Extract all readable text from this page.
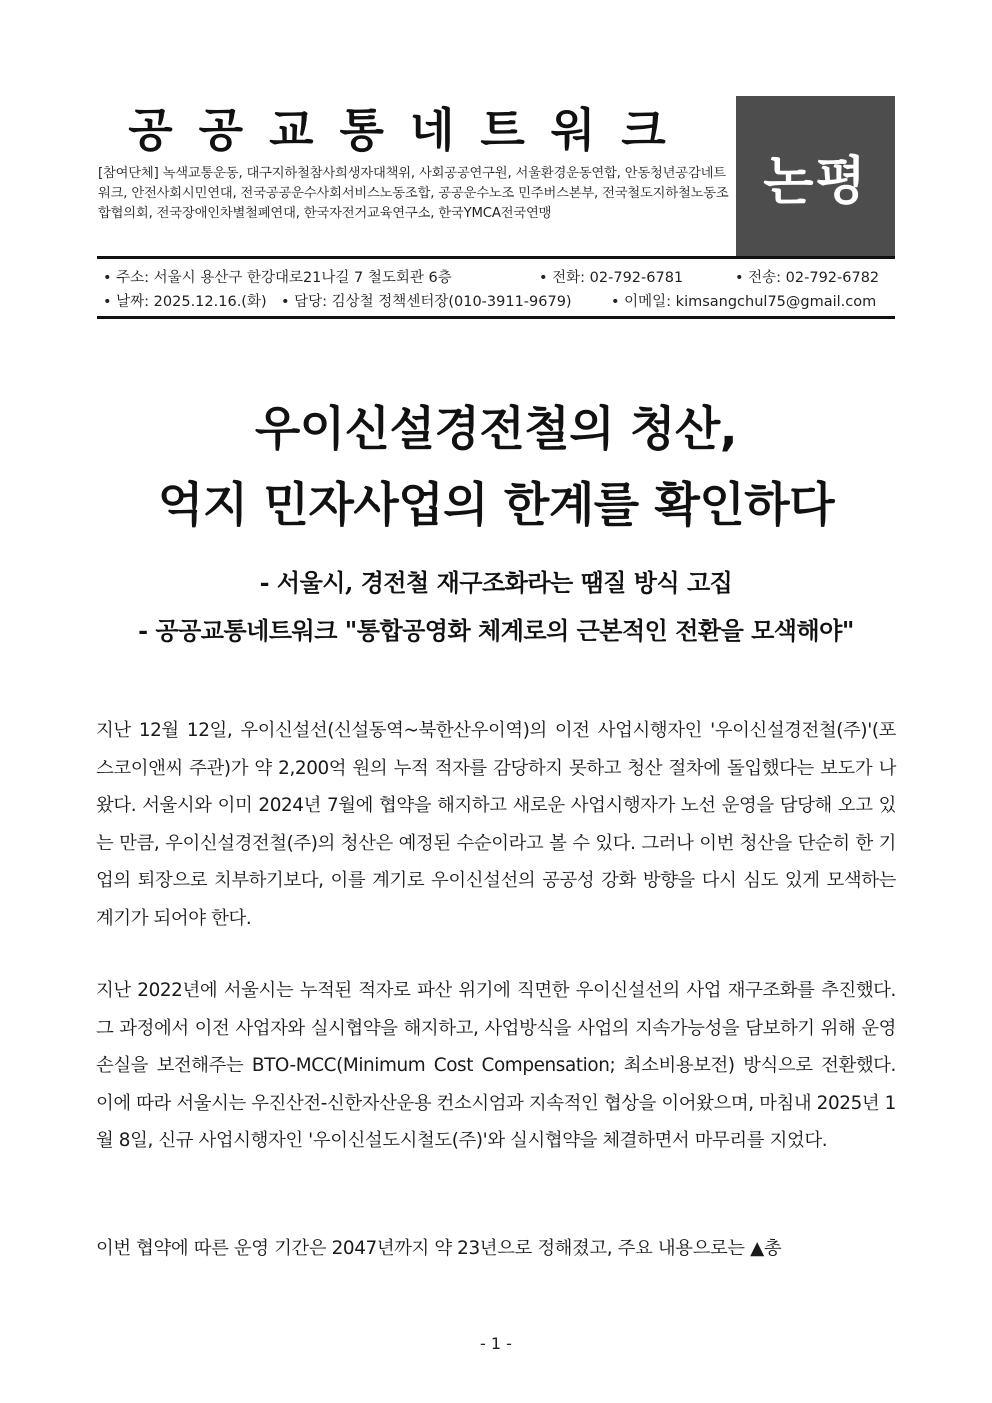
공공교통네트워크
[참여단체] 녹색교통운동, 대구지하철참사희생자대책위, 사회공공연구원, 서울환경운동연합, 안동청년공감네트워크, 안전사회시민연대, 전국공공운수사회서비스노동조합, 공공운수노조 민주버스본부, 전국철도지하철노동조합협의회, 전국장애인차별철폐연대, 한국자전거교육연구소, 한국YMCA전국연맹
논평
• 주소: 서울시 용산구 한강대로21나길 7 철도회관 6층	• 전화: 02-792-6781	• 전송: 02-792-6782
• 날짜: 2025.12.16.(화) • 담당: 김상철 정책센터장(010-3911-9679)	• 이메일: kimsangchul75@gmail.com
우이신설경전철의 청산,
억지 민자사업의 한계를 확인하다
- 서울시, 경전철 재구조화라는 땜질 방식 고집
- 공공교통네트워크 "통합공영화 체계로의 근본적인 전환을 모색해야"
지난 12월 12일, 우이신설선(신설동역~북한산우이역)의 이전 사업시행자인 '우이신설경전철(주)'(포스코이앤씨 주관)가 약 2,200억 원의 누적 적자를 감당하지 못하고 청산 절차에 돌입했다는 보도가 나왔다. 서울시와 이미 2024년 7월에 협약을 해지하고 새로운 사업시행자가 노선 운영을 담당해 오고 있는 만큼, 우이신설경전철(주)의 청산은 예정된 수순이라고 볼 수 있다. 그러나 이번 청산을 단순히 한 기업의 퇴장으로 치부하기보다, 이를 계기로 우이신설선의 공공성 강화 방향을 다시 심도 있게 모색하는 계기가 되어야 한다.
지난 2022년에 서울시는 누적된 적자로 파산 위기에 직면한 우이신설선의 사업 재구조화를 추진했다. 그 과정에서 이전 사업자와 실시협약을 해지하고, 사업방식을 사업의 지속가능성을 담보하기 위해 운영 손실을 보전해주는 BTO-MCC(Minimum Cost Compensation; 최소비용보전) 방식으로 전환했다. 이에 따라 서울시는 우진산전-신한자산운용 컨소시엄과 지속적인 협상을 이어왔으며, 마침내 2025년 1월 8일, 신규 사업시행자인 '우이신설도시철도(주)'와 실시협약을 체결하면서 마무리를 지었다.
이번 협약에 따른 운영 기간은 2047년까지 약 23년으로 정해졌고, 주요 내용으로는 ▲총
- 1 -
